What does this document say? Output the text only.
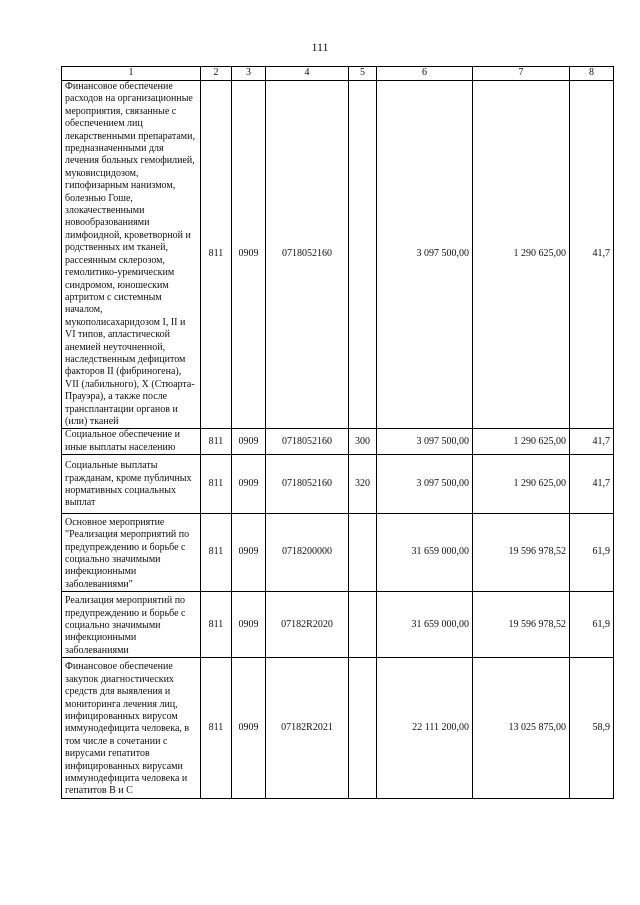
111
1	2	3	4	5	6	7	8
Финансовое обеспечение расходов на организационные мероприятия, связанные с обеспечением лиц лекарственными препаратами, предназначенными для лечения больных гемофилией, муковисцидозом, гипофизарным нанизмом, болезнью Гоше, злокачественными новообразованиями лимфоидной, кроветворной и родственных им тканей, рассеянным склерозом, гемолитико-уремическим синдромом, юношеским артритом с системным началом, мукополисахаридозом I, II и VI типов, апластической анемией неуточненной, наследственным дефицитом факторов II (фибриногена), VII (лабильного), X (Стюарта-Прауэра), а также после трансплантации органов и (или) тканей	811	0909	0718052160		3 097 500,00	1 290 625,00	41,7
Социальное обеспечение и иные выплаты населению	811	0909	0718052160	300	3 097 500,00	1 290 625,00	41,7
Социальные выплаты гражданам, кроме публичных нормативных социальных выплат	811	0909	0718052160	320	3 097 500,00	1 290 625,00	41,7
Основное мероприятие "Реализация мероприятий по предупреждению и борьбе с социально значимыми инфекционными заболеваниями"	811	0909	0718200000		31 659 000,00	19 596 978,52	61,9
Реализация мероприятий по предупреждению и борьбе с социально значимыми инфекционными заболеваниями	811	0909	07182R2020		31 659 000,00	19 596 978,52	61,9
Финансовое обеспечение закупок диагностических средств для выявления и мониторинга лечения лиц, инфицированных вирусом иммунодефицита человека, в том числе в сочетании с вирусами гепатитов инфицированных вирусами иммунодефицита человека и гепатитов В и С	811	0909	07182R2021		22 111 200,00	13 025 875,00	58,9
